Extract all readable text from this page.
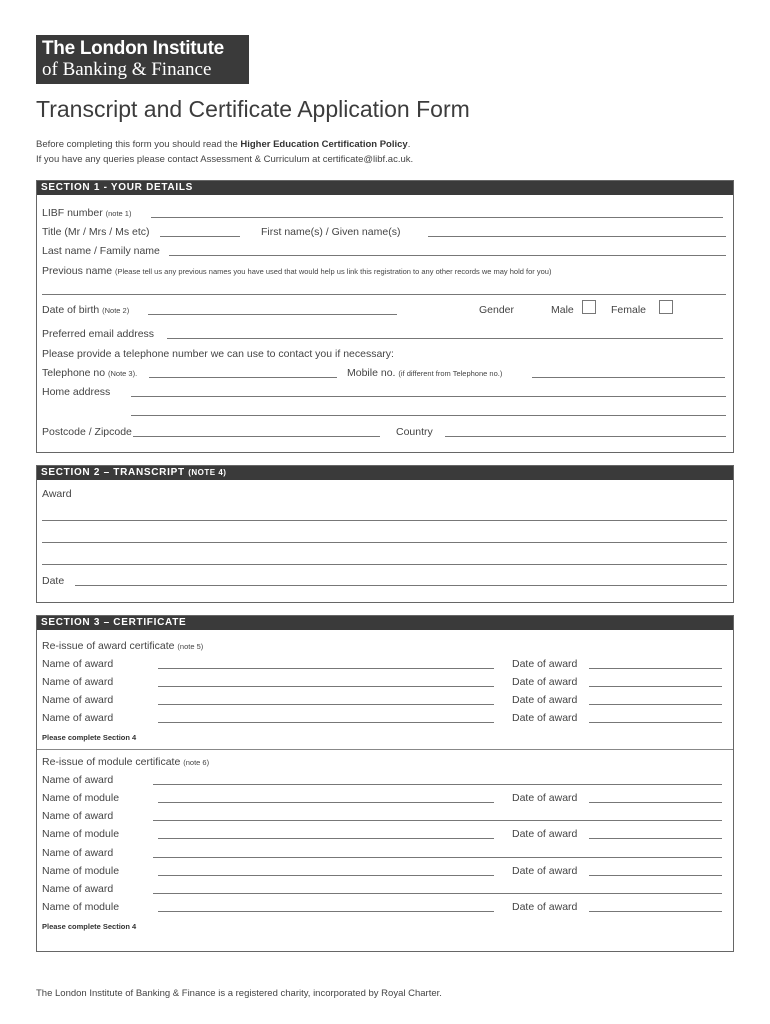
The London Institute
of Banking & Finance
Transcript and Certificate Application Form
Before completing this form you should read the Higher Education Certification Policy.
If you have any queries please contact Assessment & Curriculum at certificate@libf.ac.uk.
SECTION 1 - YOUR DETAILS
LIBF number (note 1)
Title (Mr / Mrs / Ms etc)	First name(s) / Given name(s)
Last name / Family name
Previous name (Please tell us any previous names you have used that would help us link this registration to any other records we may hold for you)
Date of birth (Note 2)	Gender	Male	Female
Preferred email address
Please provide a telephone number we can use to contact you if necessary:
Telephone no (Note 3).	Mobile no. (if different from Telephone no.)
Home address
Postcode / Zipcode	Country
SECTION 2 – TRANSCRIPT (NOTE 4)
Award
Date
SECTION 3 – CERTIFICATE
Re-issue of award certificate (note 5)
Name of award	Date of award
Name of award	Date of award
Name of award	Date of award
Name of award	Date of award
Please complete Section 4
Re-issue of module certificate (note 6)
Name of award
Name of module	Date of award
Name of award
Name of module	Date of award
Name of award
Name of module	Date of award
Name of award
Name of module	Date of award
Please complete Section 4
The London Institute of Banking & Finance is a registered charity, incorporated by Royal Charter.
